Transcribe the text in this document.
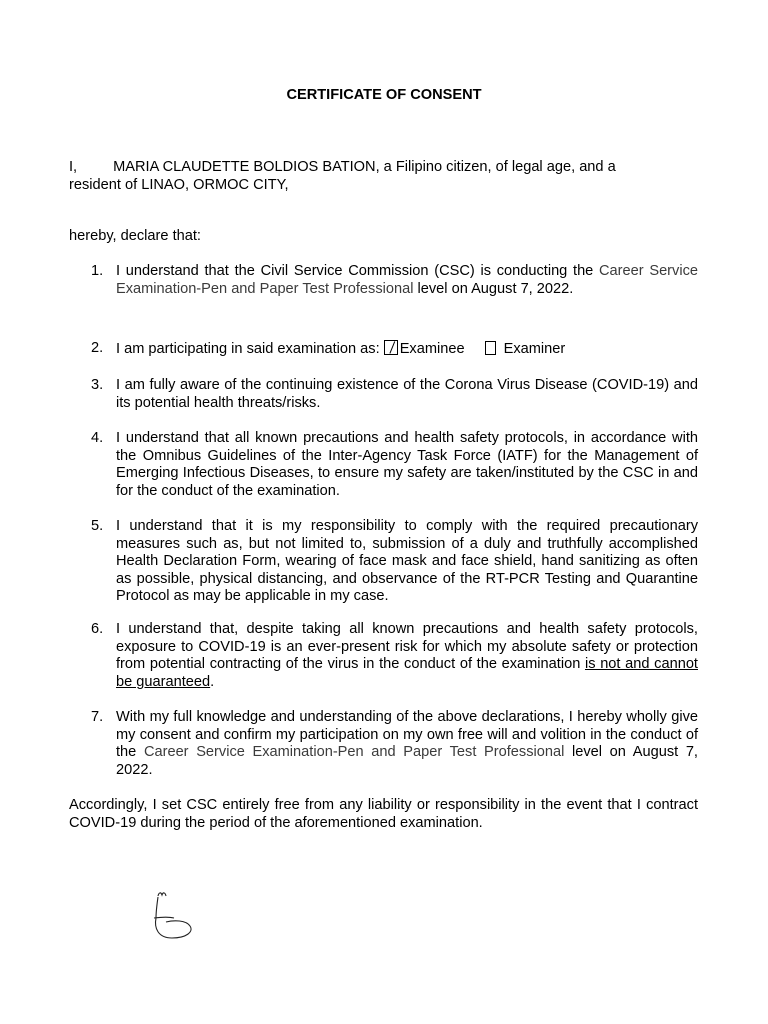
CERTIFICATE OF CONSENT
I, MARIA CLAUDETTE BOLDIOS BATION, a Filipino citizen, of legal age, and a
resident of LINAO, ORMOC CITY,
hereby, declare that:
1. I understand that the Civil Service Commission (CSC) is conducting the Career Service Examination-Pen and Paper Test Professional level on August 7, 2022.
2. I am participating in said examination as: Examinee	Examiner
3. I am fully aware of the continuing existence of the Corona Virus Disease (COVID-19) and its potential health threats/risks.
4. I understand that all known precautions and health safety protocols, in accordance with the Omnibus Guidelines of the Inter-Agency Task Force (IATF) for the Management of Emerging Infectious Diseases, to ensure my safety are taken/instituted by the CSC in and for the conduct of the examination.
5. I understand that it is my responsibility to comply with the required precautionary measures such as, but not limited to, submission of a duly and truthfully accomplished Health Declaration Form, wearing of face mask and face shield, hand sanitizing as often as possible, physical distancing, and observance of the RT-PCR Testing and Quarantine Protocol as may be applicable in my case.
6. I understand that, despite taking all known precautions and health safety protocols, exposure to COVID-19 is an ever-present risk for which my absolute safety or protection from potential contracting of the virus in the conduct of the examination is not and cannot be guaranteed.
7. With my full knowledge and understanding of the above declarations, I hereby wholly give my consent and confirm my participation on my own free will and volition in the conduct of the Career Service Examination-Pen and Paper Test Professional level on August 7, 2022.
Accordingly, I set CSC entirely free from any liability or responsibility in the event that I contract COVID-19 during the period of the aforementioned examination.
